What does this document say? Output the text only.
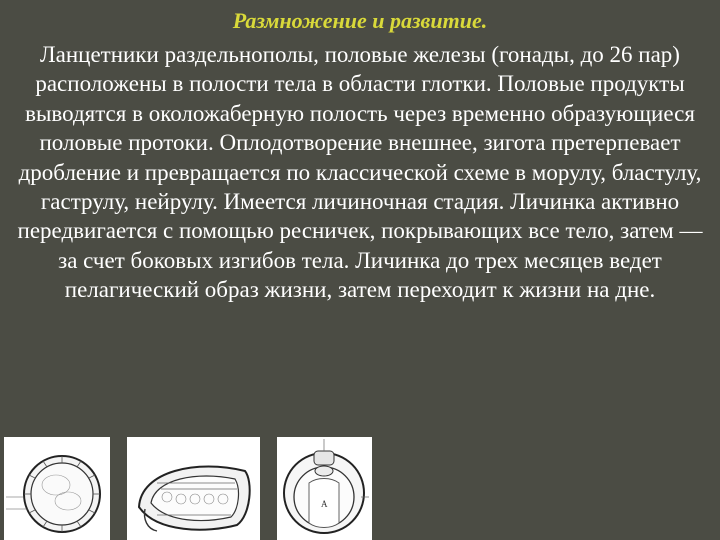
Размножение и развитие.

Ланцетники раздельнополы, половые железы (гонады, до 26 пар) расположены в полости тела в области глотки. Половые продукты выводятся в околожаберную полость через временно образующиеся половые протоки. Оплодотворение внешнее, зигота претерпевает дробление и превращается по классической схеме в морулу, бластулу, гаструлу, нейрулу. Имеется личиночная стадия. Личинка активно передвигается с помощью ресничек, покрывающих все тело, затем — за счет боковых изгибов тела. Личинка до трех месяцев ведет пелагический образ жизни, затем переходит к жизни на дне.

A
